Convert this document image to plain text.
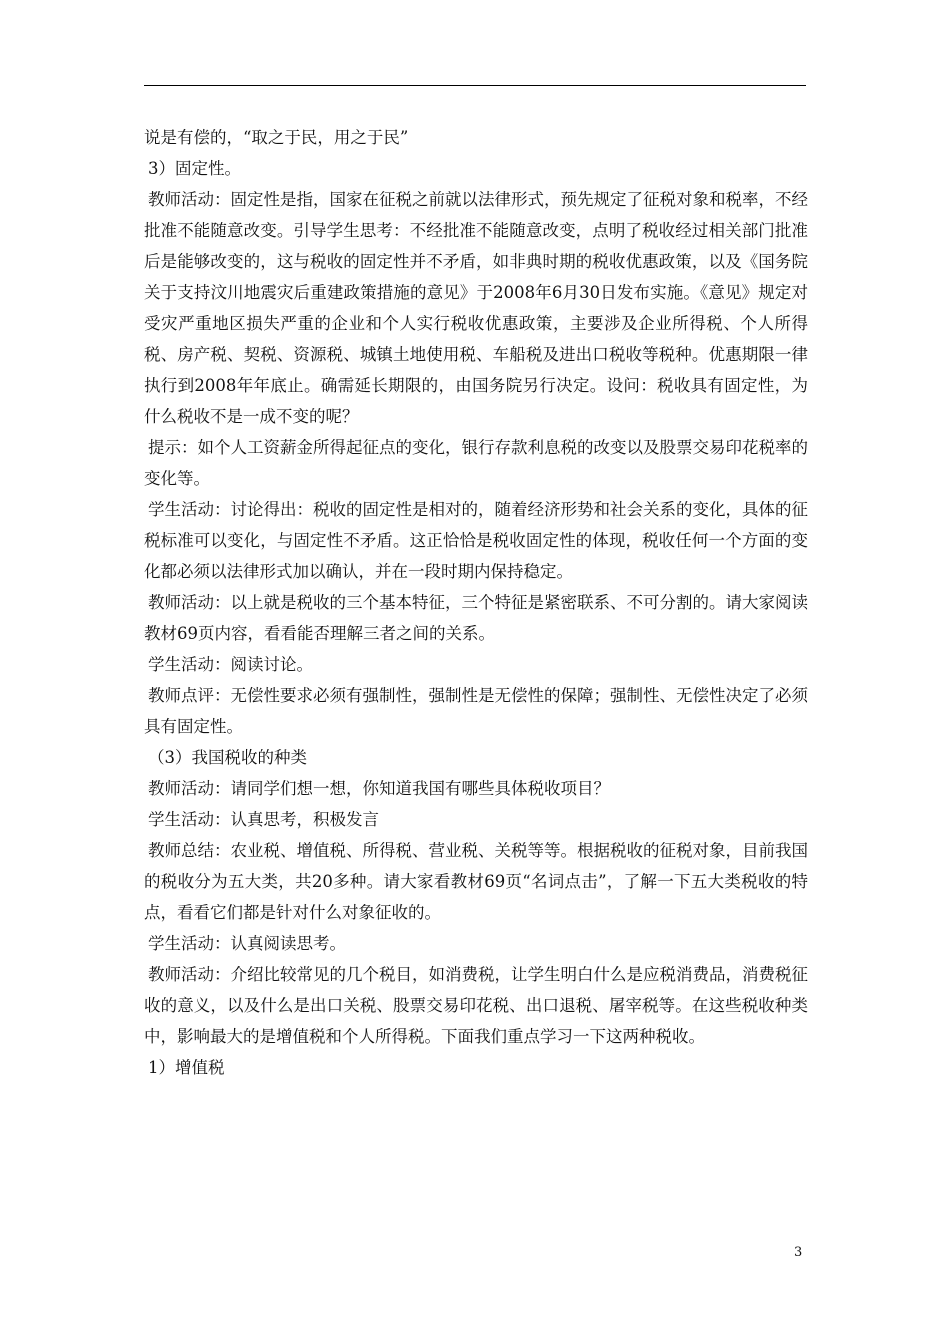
说是有偿的，“取之于民，用之于民”

3）固定性。

教师活动：固定性是指，国家在征税之前就以法律形式，预先规定了征税对象和税率，不经批准不能随意改变。引导学生思考：不经批准不能随意改变，点明了税收经过相关部门批准后是能够改变的，这与税收的固定性并不矛盾，如非典时期的税收优惠政策，以及《国务院关于支持汶川地震灾后重建政策措施的意见》于2008年6月30日发布实施。《意见》规定对受灾严重地区损失严重的企业和个人实行税收优惠政策，主要涉及企业所得税、个人所得税、房产税、契税、资源税、城镇土地使用税、车船税及进出口税收等税种。优惠期限一律执行到2008年年底止。确需延长期限的，由国务院另行决定。设问：税收具有固定性，为什么税收不是一成不变的呢？

提示：如个人工资薪金所得起征点的变化，银行存款利息税的改变以及股票交易印花税率的变化等。

学生活动：讨论得出：税收的固定性是相对的，随着经济形势和社会关系的变化，具体的征税标准可以变化，与固定性不矛盾。这正恰恰是税收固定性的体现，税收任何一个方面的变化都必须以法律形式加以确认，并在一段时期内保持稳定。

教师活动：以上就是税收的三个基本特征，三个特征是紧密联系、不可分割的。请大家阅读教材69页内容，看看能否理解三者之间的关系。

学生活动：阅读讨论。

教师点评：无偿性要求必须有强制性，强制性是无偿性的保障；强制性、无偿性决定了必须具有固定性。

（3）我国税收的种类

教师活动：请同学们想一想，你知道我国有哪些具体税收项目？

学生活动：认真思考，积极发言

教师总结：农业税、增值税、所得税、营业税、关税等等。根据税收的征税对象，目前我国的税收分为五大类，共20多种。请大家看教材69页“名词点击”，了解一下五大类税收的特点，看看它们都是针对什么对象征收的。

学生活动：认真阅读思考。

教师活动：介绍比较常见的几个税目，如消费税，让学生明白什么是应税消费品，消费税征收的意义，以及什么是出口关税、股票交易印花税、出口退税、屠宰税等。在这些税收种类中，影响最大的是增值税和个人所得税。下面我们重点学习一下这两种税收。

1）增值税

3
